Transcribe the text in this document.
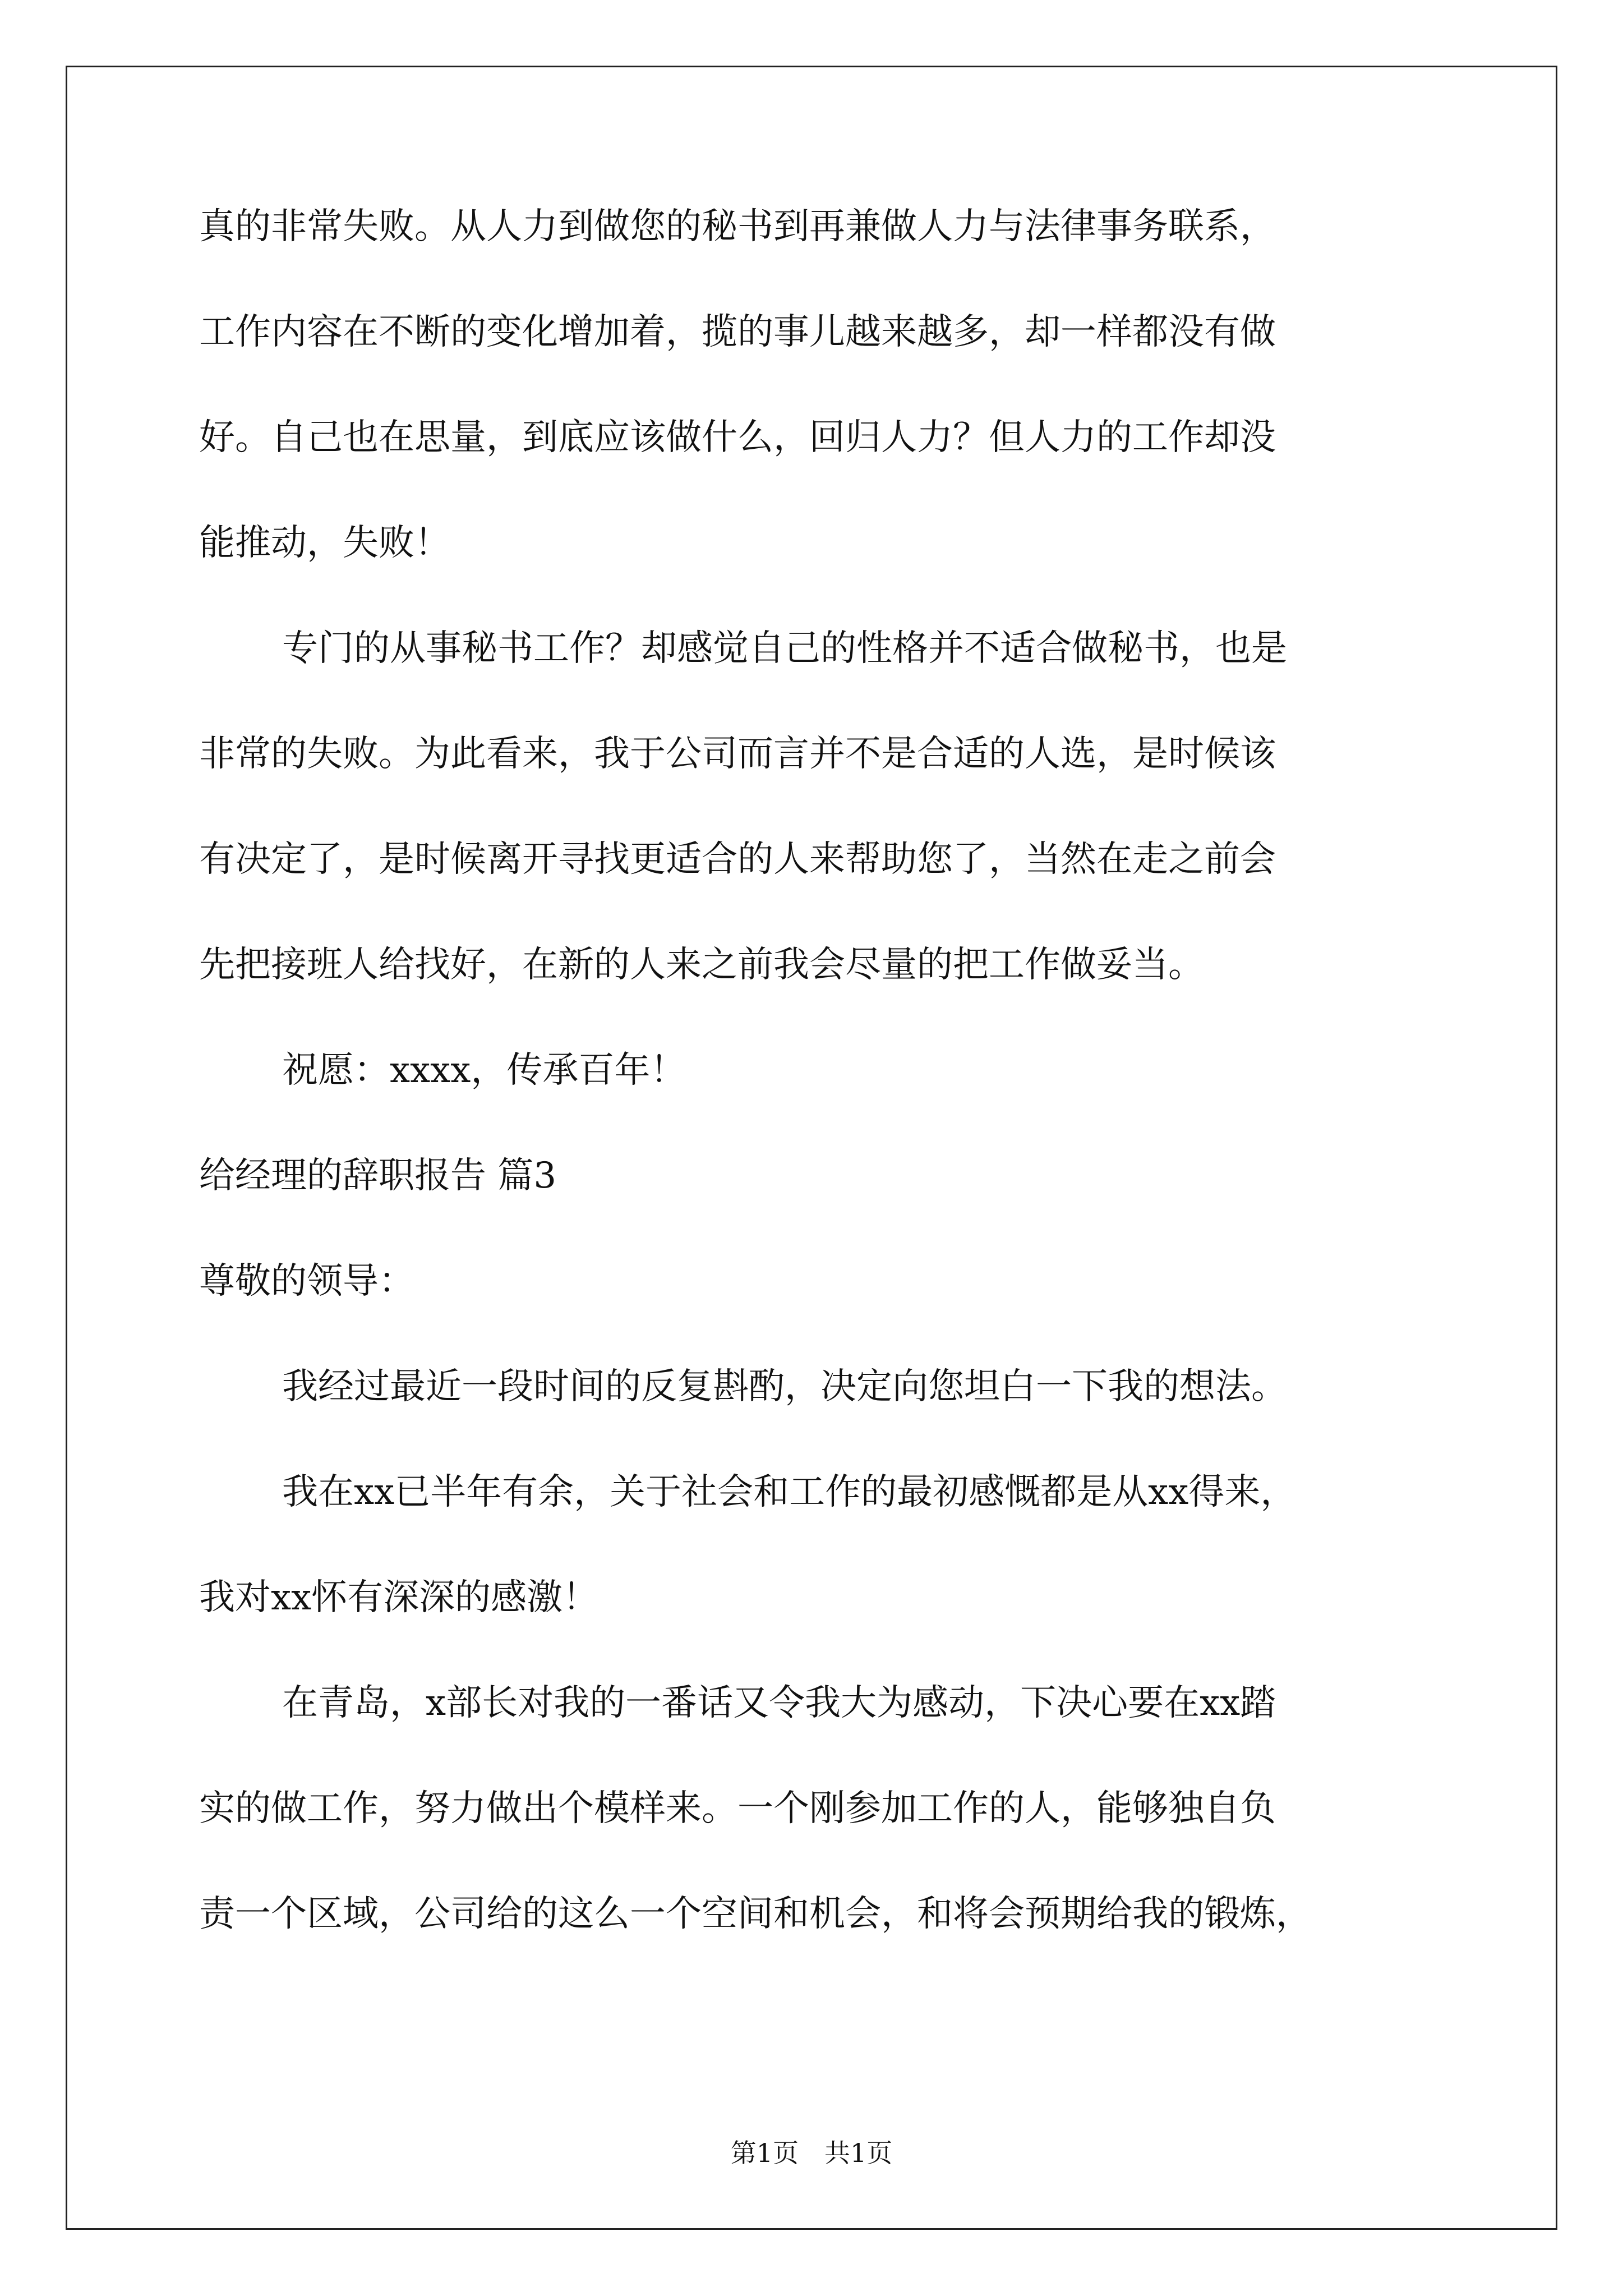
真的非常失败。从人力到做您的秘书到再兼做人力与法律事务联系，
工作内容在不断的变化增加着，揽的事儿越来越多，却一样都没有做
好。自己也在思量，到底应该做什么，回归人力？但人力的工作却没
能推动，失败！
专门的从事秘书工作？却感觉自己的性格并不适合做秘书，也是
非常的失败。为此看来，我于公司而言并不是合适的人选，是时候该
有决定了，是时候离开寻找更适合的人来帮助您了，当然在走之前会
先把接班人给找好，在新的人来之前我会尽量的把工作做妥当。
祝愿：xxxx，传承百年！
给经理的辞职报告 篇3
尊敬的领导：
我经过最近一段时间的反复斟酌，决定向您坦白一下我的想法。
我在xx已半年有余，关于社会和工作的最初感慨都是从xx得来，
我对xx怀有深深的感激！
在青岛，x部长对我的一番话又令我大为感动，下决心要在xx踏
实的做工作，努力做出个模样来。一个刚参加工作的人，能够独自负
责一个区域，公司给的这么一个空间和机会，和将会预期给我的锻炼，
第1页　共1页
